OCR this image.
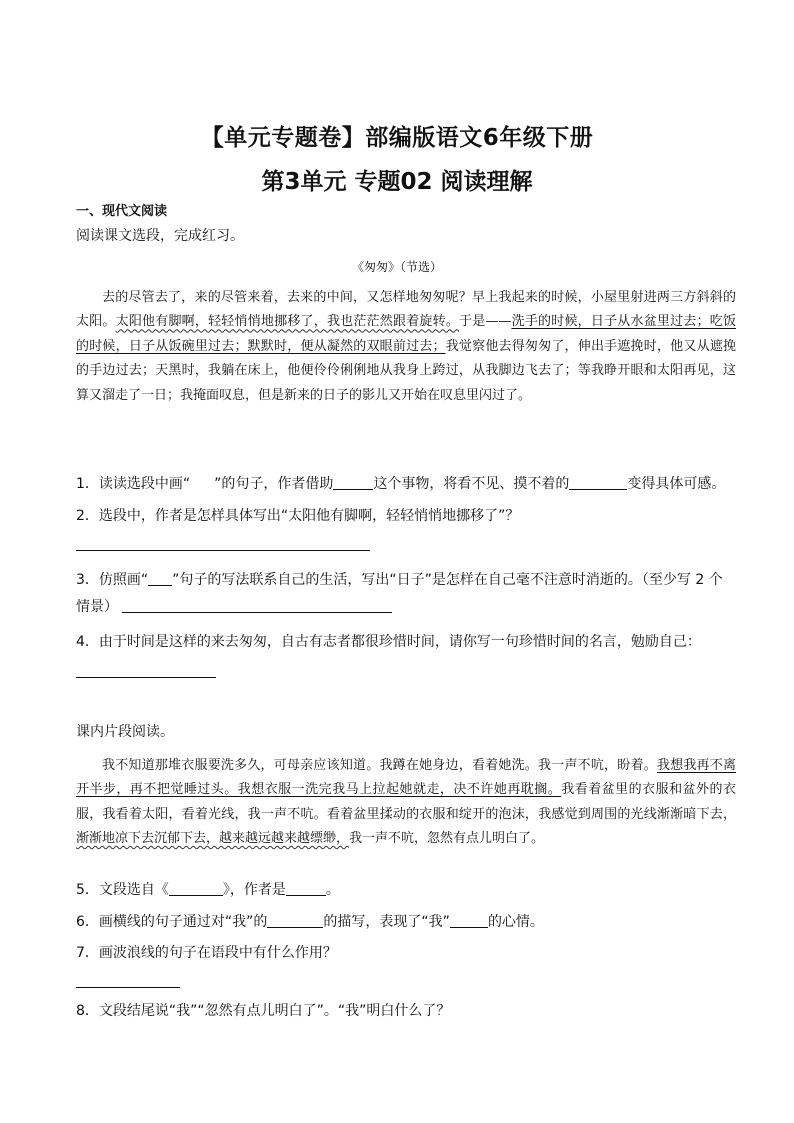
【单元专题卷】部编版语文6年级下册
第3单元 专题02 阅读理解
一、现代文阅读
阅读课文选段，完成红习。
《匆匆》（节选）
去的尽管去了，来的尽管来着，去来的中间，又怎样地匆匆呢？早上我起来的时候，小屋里射进两三方斜斜的太阳。太阳他有脚啊，轻轻悄悄地挪移了，我也茫茫然跟着旋转。于是——洗手的时候，日子从水盆里过去；吃饭的时候，日子从饭碗里过去；默默时，便从凝然的双眼前过去；我觉察他去得匆匆了，伸出手遮挽时，他又从遮挽的手边过去；天黑时，我躺在床上，他便伶伶俐俐地从我身上跨过，从我脚边飞去了；等我睁开眼和太阳再见，这算又溜走了一日；我掩面叹息，但是新来的日子的影儿又开始在叹息里闪过了。
1．读读选段中画“ ”的句子，作者借助	这个事物，将看不见、摸不着的	变得具体可感。
2．选段中，作者是怎样具体写出“太阳他有脚啊，轻轻悄悄地挪移了”？
3．仿照画“ ”句子的写法联系自己的生活，写出“日子”是怎样在自己毫不注意时消逝的。（至少写 2 个
情景）
4．由于时间是这样的来去匆匆，自古有志者都很珍惜时间，请你写一句珍惜时间的名言，勉励自己：
课内片段阅读。
我不知道那堆衣服要洗多久，可母亲应该知道。我蹲在她身边，看着她洗。我一声不吭，盼着。我想我再不离开半步，再不把觉睡过头。我想衣服一洗完我马上拉起她就走，决不许她再耽搁。我看着盆里的衣服和盆外的衣服，我看着太阳，看着光线，我一声不吭。看着盆里揉动的衣服和绽开的泡沫，我感觉到周围的光线渐渐暗下去，渐渐地凉下去沉郁下去，越来越远越来越缥缈，我一声不吭，忽然有点儿明白了。
5．文段选自《	》，作者是	。
6．画横线的句子通过对“我”的	的描写，表现了“我”	的心情。
7．画波浪线的句子在语段中有什么作用？
8．文段结尾说“我”“忽然有点儿明白了”。“我”明白什么了？
